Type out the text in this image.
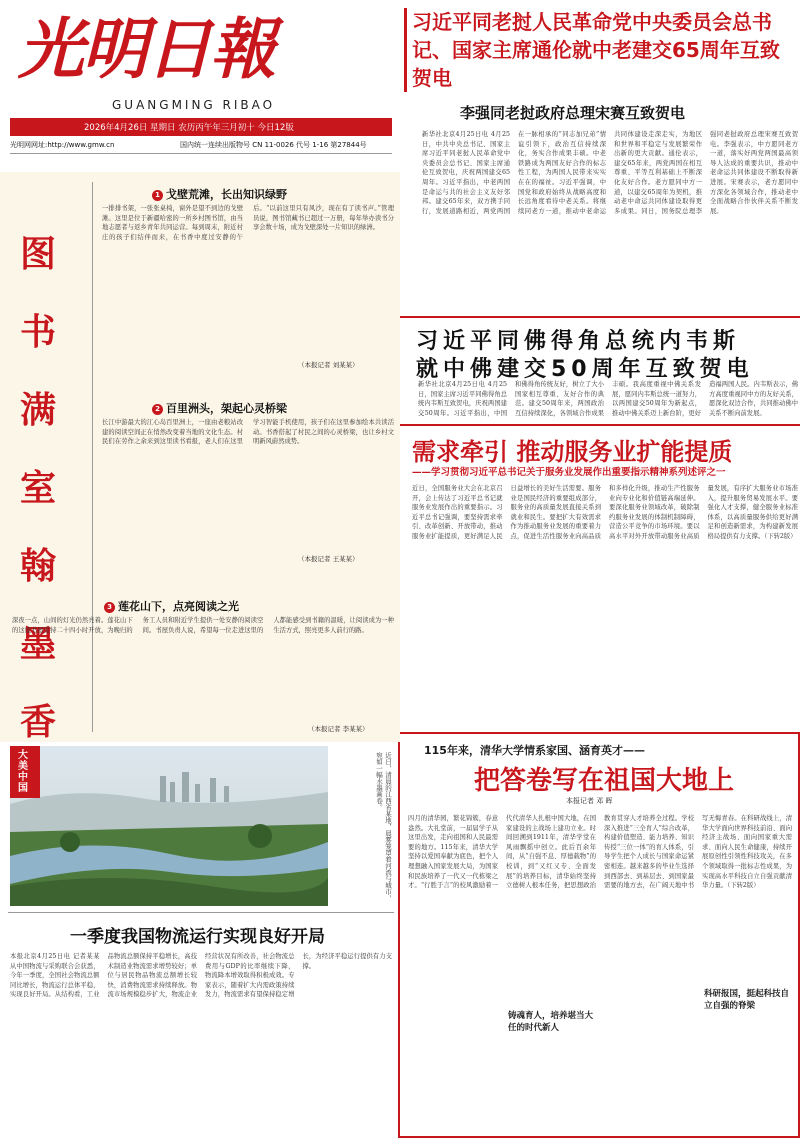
光明日報
GUANGMING RIBAO
2026年4月26日 星期日 农历丙午年三月初十 今日12版
光明网网址:http://www.gmw.cn	国内统一连续出版物号 CN 11-0026 代号 1-16 第27844号
习近平同老挝人民革命党中央委员会总书记、国家主席通伦就中老建交65周年互致贺电
李强同老挝政府总理宋赛互致贺电
新华社北京4月25日电 4月25日，中共中央总书记、国家主席习近平同老挝人民革命党中央委员会总书记、国家主席通伦互致贺电，庆祝两国建交65周年。习近平指出，中老两国是命运与共的社会主义友好邻邦。建交65年来，双方携手同行，发展道路相近，两党两国在一脉相承的“同志加兄弟”情谊引领下，政治互信持续深化，务实合作成果丰硕。中老铁路成为两国友好合作的标志性工程，为两国人民带来实实在在的福祉。习近平强调，中国党和政府始终从战略高度和长远角度看待中老关系。将继续同老方一道，推动中老命运共同体建设走深走实，为地区和世界和平稳定与发展繁荣作出新的更大贡献。通伦表示，建交65年来，两党两国在相互尊重、平等互利基础上不断深化友好合作。老方愿同中方一道，以建交65周年为契机，推动老中命运共同体建设取得更多成果。同日，国务院总理李强同老挝政府总理宋赛互致贺电。李强表示，中方愿同老方一道，落实好两党两国最高领导人达成的重要共识，推动中老命运共同体建设不断取得新进展。宋赛表示，老方愿同中方深化各领域合作，推动老中全面战略合作伙伴关系不断发展。
习近平同佛得角总统内韦斯
就中佛建交50周年互致贺电
新华社北京4月25日电 4月25日，国家主席习近平同佛得角总统内韦斯互致贺电，庆祝两国建交50周年。习近平指出，中国和佛得角传统友好，树立了大小国家相互尊重、友好合作的典范。建交50周年来，两国政治互信持续深化，各领域合作成果丰硕。我高度重视中佛关系发展，愿同内韦斯总统一道努力，以两国建交50周年为新起点，推动中佛关系迈上新台阶，更好造福两国人民。内韦斯表示，佛方高度重视同中方的友好关系，愿深化双边合作，共同推动佛中关系不断向前发展。
需求牵引 推动服务业扩能提质
——学习贯彻习近平总书记关于服务业发展作出重要指示精神系列述评之一
近日，全国服务业大会在北京召开，会上传达了习近平总书记就服务业发展作出的重要指示。习近平总书记强调，要坚持需求牵引、改革创新、开放带动，推动服务业扩能提质，更好满足人民日益增长的美好生活需要。服务业是国民经济的重要组成部分，服务业的高质量发展直接关系到就业和民生。要把扩大有效需求作为推动服务业发展的重要着力点，促进生活性服务业向高品质和多样化升级，推动生产性服务业向专业化和价值链高端延伸。要深化服务业领域改革，破除制约服务业发展的体制机制障碍，营造公平竞争的市场环境。要以高水平对外开放带动服务业高质量发展，有序扩大服务业市场准入，提升服务贸易发展水平。要强化人才支撑，健全服务业标准体系，以高质量服务供给更好满足和创造新需求，为构建新发展格局提供有力支撑。（下转2版）
115年来，清华大学情系家国、涵育英才——
把答卷写在祖国大地上
本报记者 邓 晖
四月的清华园，繁花锦簇，春意盎然。大礼堂前，一届届学子从这里出发，走向祖国和人民最需要的地方。115年来，清华大学坚持以爱国奉献为底色，把个人理想融入国家发展大局，为国家和民族培养了一代又一代栋梁之才。“行胜于言”的校风激励着一代代清华人扎根中国大地，在国家建设的主战场上建功立业。时间回溯到1911年，清华学堂在风雨飘摇中创立。此后百余年间，从“自强不息、厚德载物”的校训，到“又红又专、全面发展”的培养目标，清华始终坚持立德树人根本任务，把思想政治教育贯穿人才培养全过程。学校深入推进“三全育人”综合改革，构建价值塑造、能力培养、知识传授“三位一体”的育人体系，引导学生把个人成长与国家命运紧密相连。越来越多的毕业生选择到西部去、到基层去、到国家最需要的地方去，在广阔天地中书写无悔青春。在科研战线上，清华大学面向世界科技前沿、面向经济主战场、面向国家重大需求、面向人民生命健康，持续开展原创性引领性科技攻关，在多个领域取得一批标志性成果，为实现高水平科技自立自强贡献清华力量。（下转2版）
铸魂育人，培养堪当大任的时代新人
科研报国，挺起科技自立自强的脊梁
图书满室翰墨香
1 戈壁荒滩，长出知识绿野
一排排书架，一张张桌椅，窗外是望不到边的戈壁滩。这里是位于新疆哈密的一所乡村图书馆，由当地志愿者与返乡青年共同运营。每到周末，附近村庄的孩子们结伴而来，在书香中度过安静的午后。“以前这里只有风沙，现在有了读书声。”管理员说，图书馆藏书已超过一万册，每年举办读书分享会数十场，成为戈壁深处一片知识的绿洲。
（本报记者 刘某某）
2 百里洲头，架起心灵桥梁
长江中游最大的江心岛百里洲上，一座由老粮站改建的阅读空间正在悄然改变着当地的文化生态。村民们在劳作之余来到这里读书看报，老人们在这里学习智能手机使用，孩子们在这里参加绘本共读活动。书香搭起了村民之间的心灵桥梁，也让乡村文明新风蔚然成势。
（本报记者 王某某）
3 莲花山下，点亮阅读之光
深夜一点，山间的灯光仍然亮着。莲花山下的这座书屋坚持二十四小时开放，为晚归的务工人员和附近学生提供一处安静的阅读空间。书屋负责人说，希望每一位走进这里的人都能感受到书籍的温暖，让阅读成为一种生活方式，照亮更多人前行的路。
（本报记者 李某某）
大美中国	近日，清晨的江西省某地，晨雾笼罩着河流与城市，宛如一幅水墨画卷。
一季度我国物流运行实现良好开局
本报北京4月25日电 记者某某从中国物流与采购联合会获悉，今年一季度，全国社会物流总额同比增长，物流运行总体平稳，实现良好开局。从结构看，工业品物流总额保持平稳增长，高技术制造业物流需求增势较好；单位与居民物品物流总额增长较快，消费物流需求持续释放。物流市场规模稳步扩大，物流企业经营状况有所改善，社会物流总费用与GDP的比率继续下降，物流降本增效取得积极成效。专家表示，随着扩大内需政策持续发力，物流需求有望保持稳定增长，为经济平稳运行提供有力支撑。
